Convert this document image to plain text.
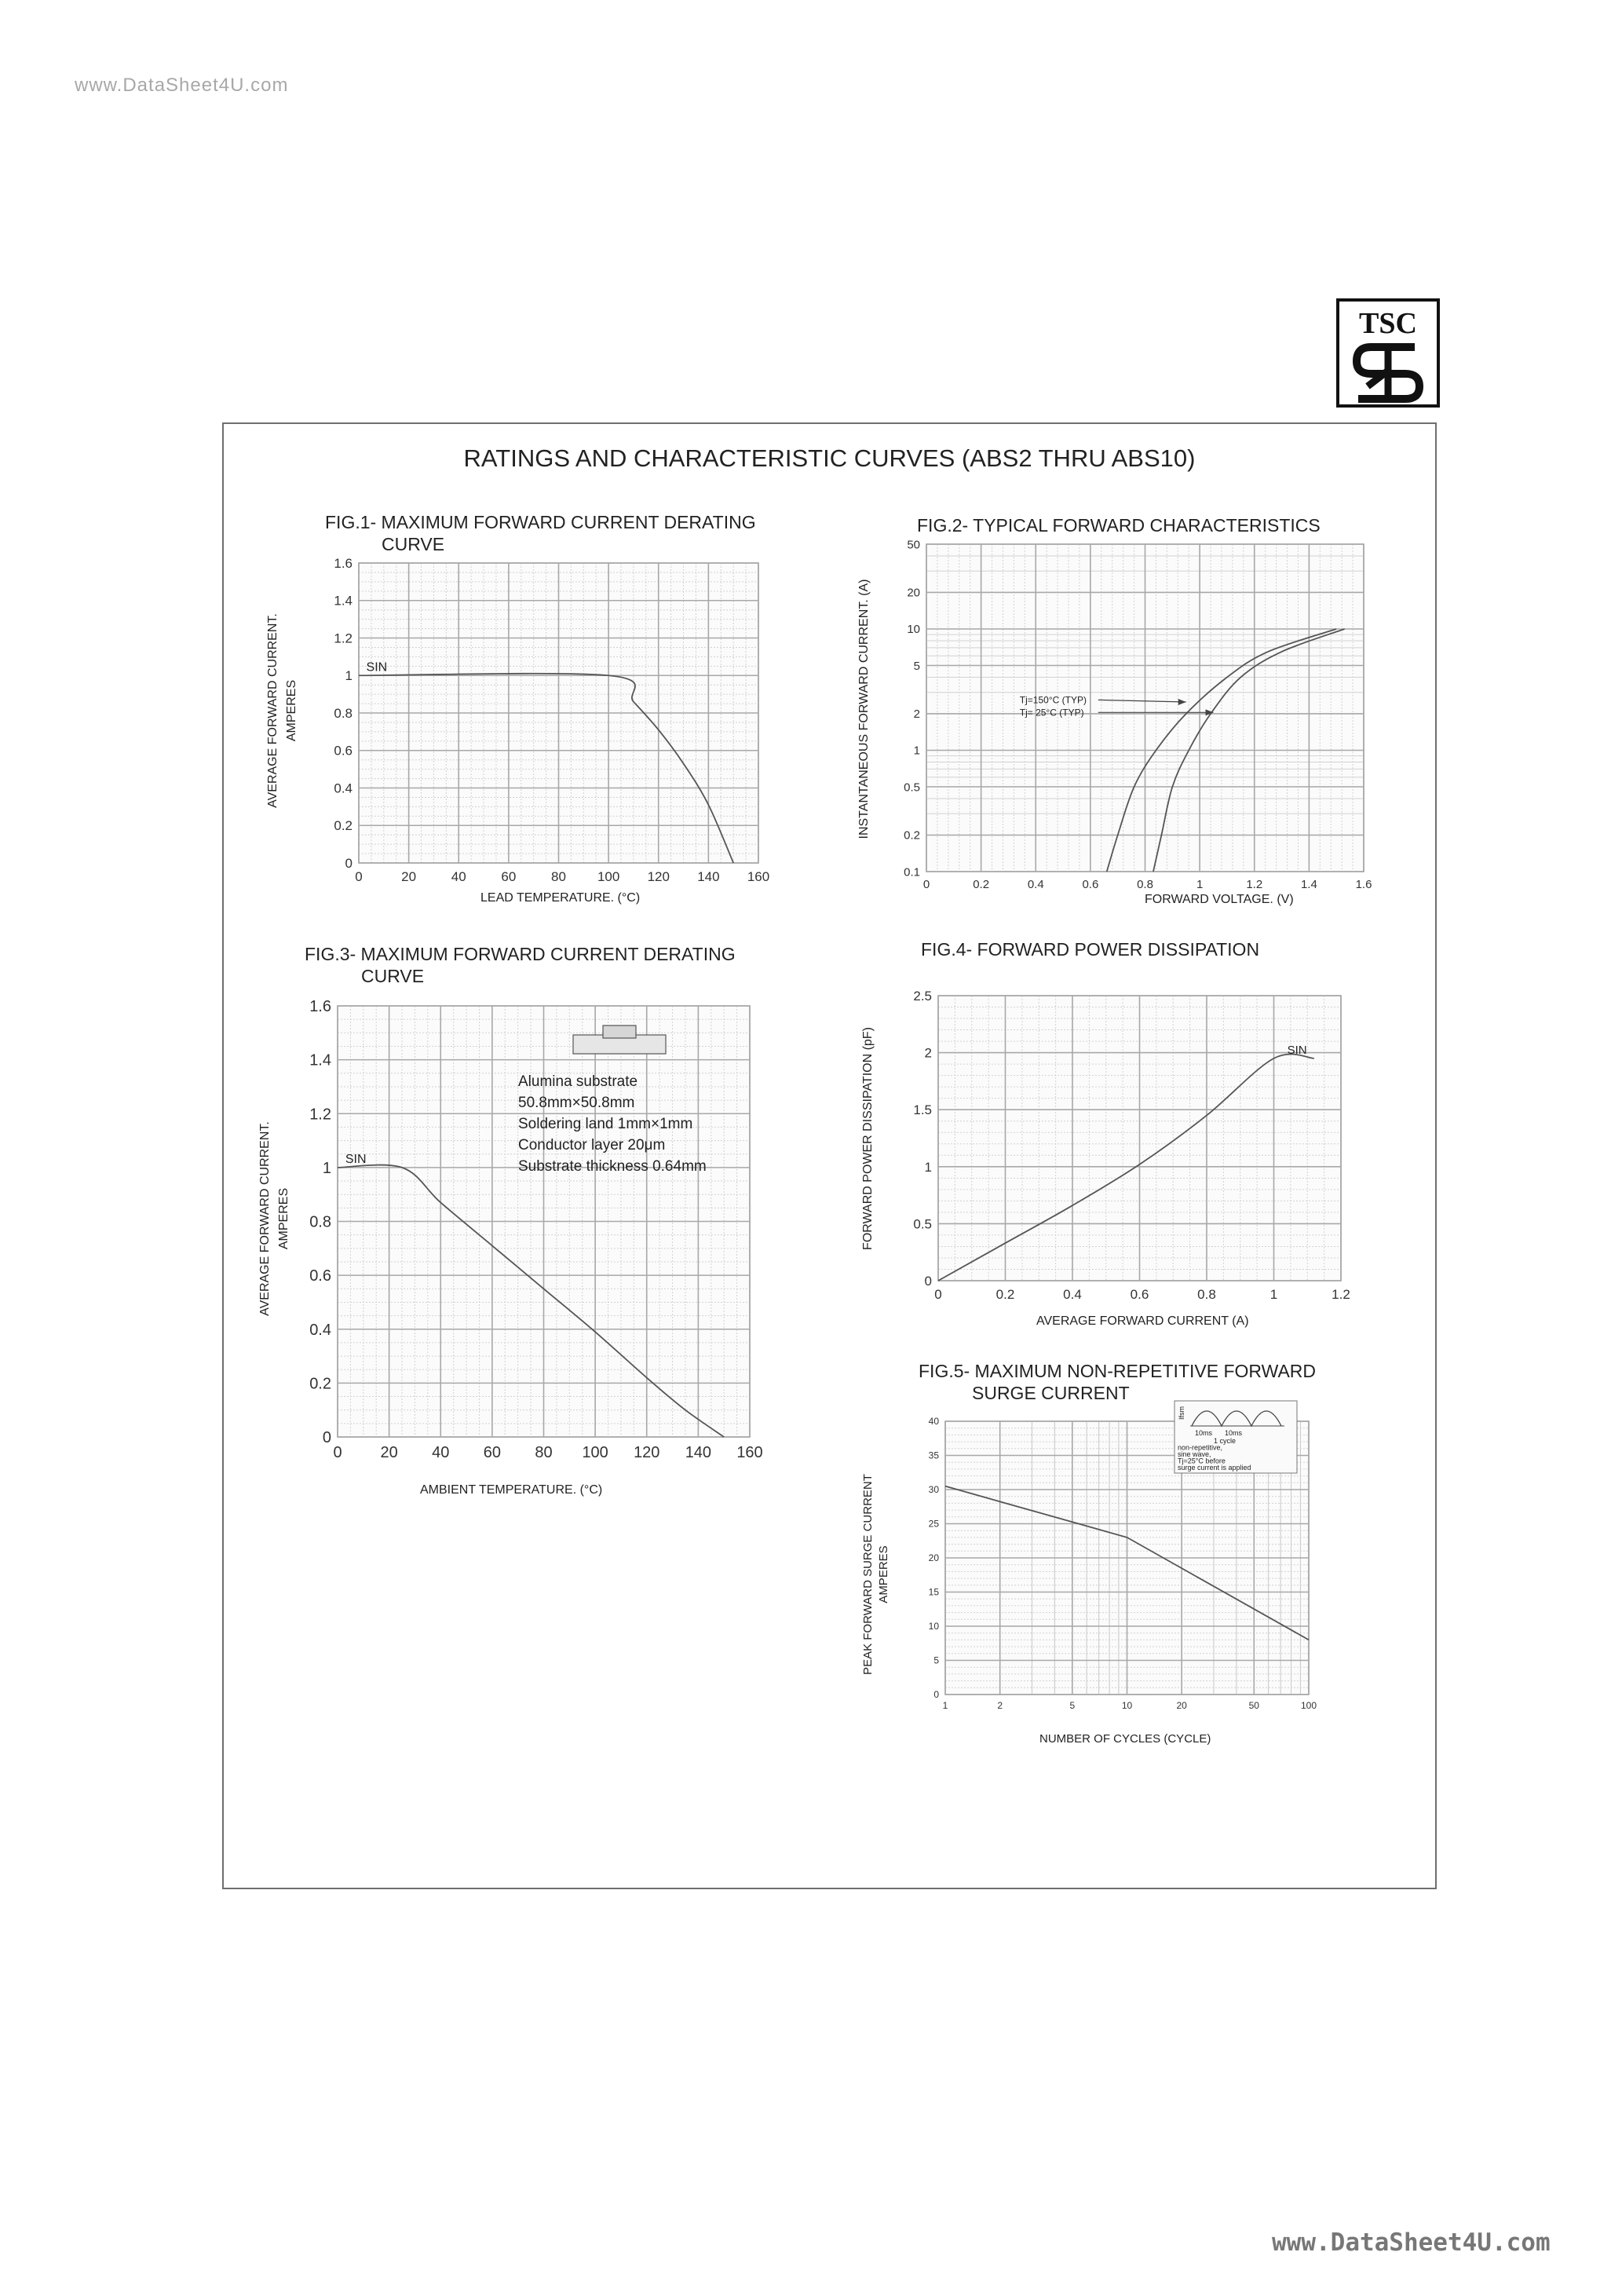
www.DataSheet4U.com
TSC
RATINGS AND CHARACTERISTIC CURVES (ABS2 THRU ABS10)
FIG.1- MAXIMUM FORWARD CURRENT DERATING
CURVE
FIG.2- TYPICAL FORWARD CHARACTERISTICS
FIG.3- MAXIMUM FORWARD CURRENT DERATING
CURVE
FIG.4- FORWARD POWER DISSIPATION
FIG.5- MAXIMUM NON-REPETITIVE FORWARD
SURGE CURRENT
0	20	40	60	80 100 120 140 160
0
0.2
0.4
0.6
0.8
1
1.2
1.4
1.6
LEAD TEMPERATURE. (°C)
AVERAGE FORWARD CURRENT. AMPERES
SIN
0	0.2	0.4	0.6	0.8	1	1.2	1.4	1.6
0.1
0.2
0.5
1
2
5
10
20
50
FORWARD VOLTAGE. (V)
INSTANTANEOUS FORWARD CURRENT. (A)	Tj=150°C (TYP)
Tj= 25°C (TYP)
0 20 40 60 80 100 120 140 160
0
0.2
0.4
0.6
0.8
1
1.2
1.4
1.6
AMBIENT TEMPERATURE. (°C)
AVERAGE FORWARD CURRENT. AMPERES
SIN
Alumina substrate
50.8mm×50.8mm
Soldering land 1mm×1mm
Conductor layer 20μm
Substrate thickness 0.64mm
0	0.2	0.4	0.6	0.8	1	1.2
0
0.5
1
1.5
2
2.5
AVERAGE FORWARD CURRENT (A)
FORWARD POWER DISSIPATION (pF)	SIN
1	2	5	10	20	50	100
0
5
10
15
20
25
30
35
40
NUMBER OF CYCLES (CYCLE)
PEAK FORWARD SURGE CURRENT AMPERES
Ifsm
10ms 10ms
1 cycle
non-repetitive,
sine wave,
Tj=25°C before
surge current is applied
www.DataSheet4U.com
